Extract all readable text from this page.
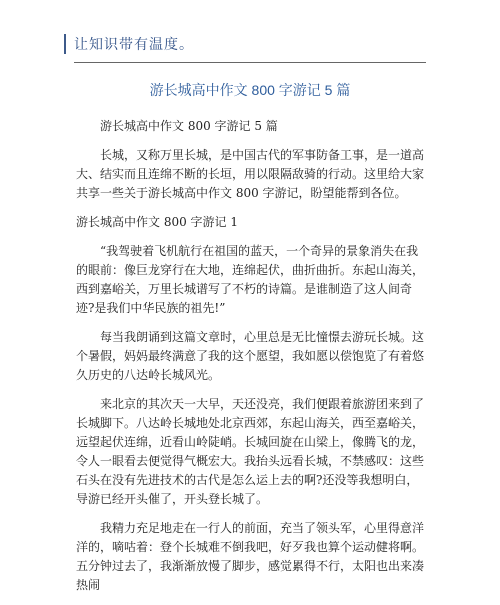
让知识带有温度。
游长城高中作文 800 字游记 5 篇

游长城高中作文 800 字游记 5 篇

长城，又称万里长城，是中国古代的军事防备工事，是一道高大、结实而且连绵不断的长垣，用以限隔敌骑的行动。这里给大家共享一些关于游长城高中作文 800 字游记，盼望能帮到各位。

游长城高中作文 800 字游记 1

“我驾驶着飞机航行在祖国的蓝天，一个奇异的景象消失在我的眼前：像巨龙穿行在大地，连绵起伏，曲折曲折。东起山海关，西到嘉峪关，万里长城谱写了不朽的诗篇。是谁制造了这人间奇迹?是我们中华民族的祖先!”

每当我朗诵到这篇文章时，心里总是无比憧憬去游玩长城。这个暑假，妈妈最终满意了我的这个愿望，我如愿以偿饱览了有着悠久历史的八达岭长城风光。

来北京的其次天一大早，天还没亮，我们便跟着旅游团来到了长城脚下。八达岭长城地处北京西郊，东起山海关，西至嘉峪关，远望起伏连绵，近看山岭陡峭。长城回旋在山梁上，像腾飞的龙，令人一眼看去便觉得气概宏大。我抬头远看长城，不禁感叹：这些石头在没有先进技术的古代是怎么运上去的啊?还没等我想明白，导游已经开头催了，开头登长城了。

我精力充足地走在一行人的前面，充当了领头军，心里得意洋洋的，嘀咕着：登个长城难不倒我吧，好歹我也算个运动健将啊。五分钟过去了，我渐渐放慢了脚步，感觉累得不行，太阳也出来凑热闹
